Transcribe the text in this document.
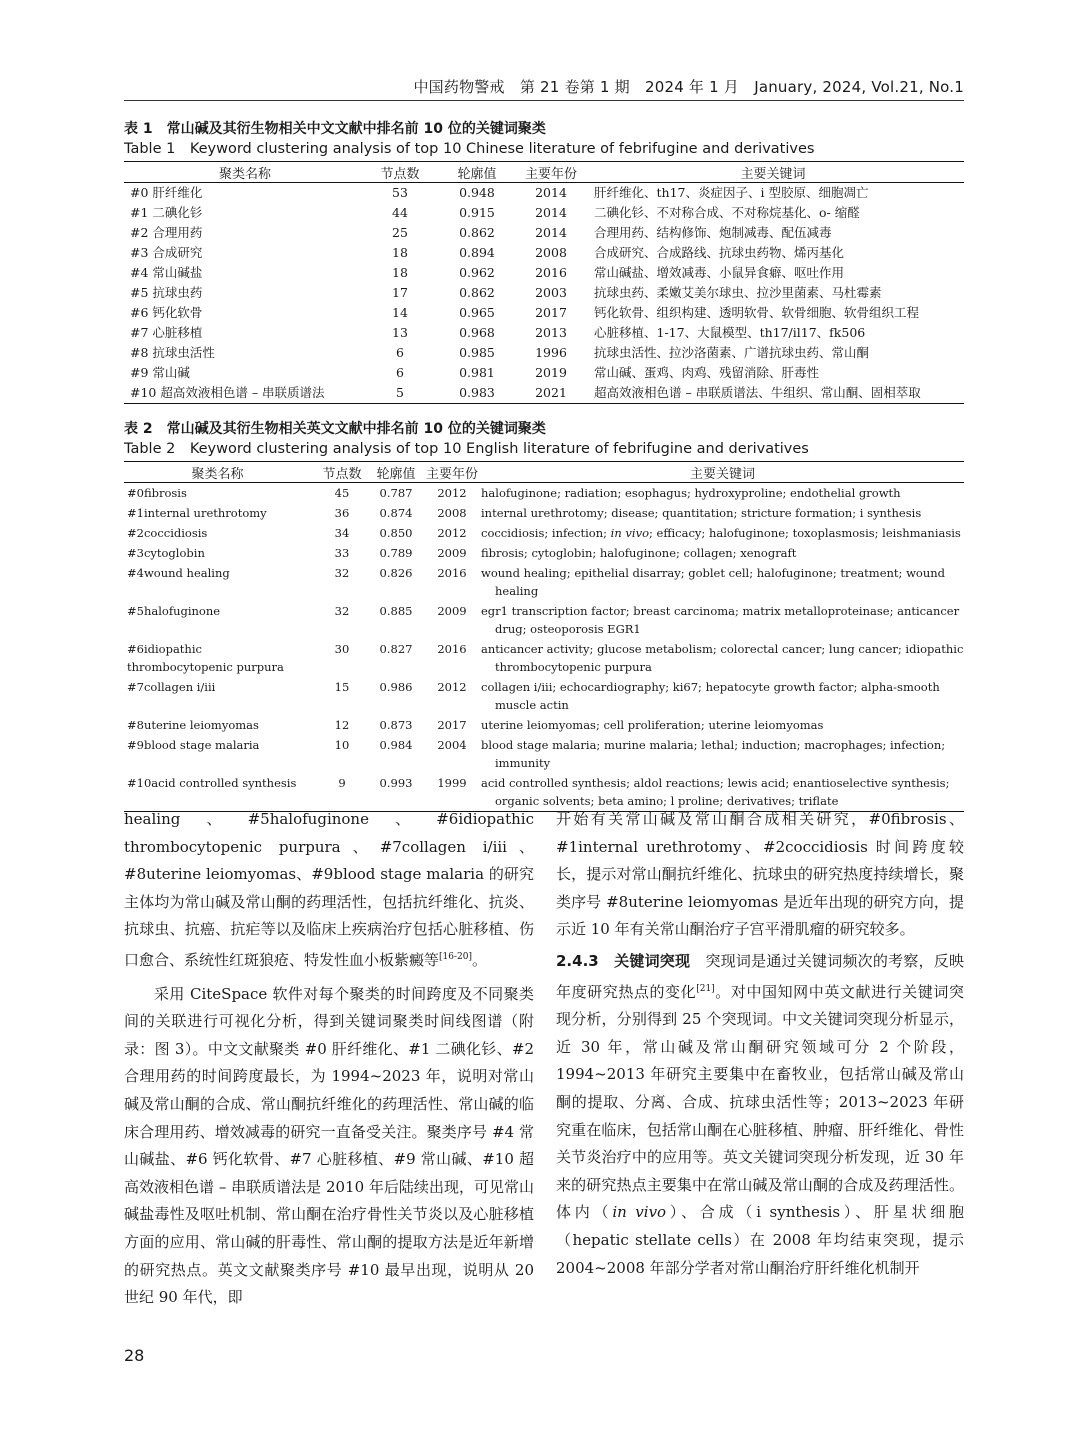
中国药物警戒　第 21 卷第 1 期　2024 年 1 月　January, 2024, Vol.21, No.1
表 1　常山碱及其衍生物相关中文文献中排名前 10 位的关键词聚类
Table 1　Keyword clustering analysis of top 10 Chinese literature of febrifugine and derivatives
聚类名称	节点数	轮廓值	主要年份	主要关键词
#0 肝纤维化	53	0.948	2014	肝纤维化、th17、炎症因子、i 型胶原、细胞凋亡
#1 二碘化钐	44	0.915	2014	二碘化钐、不对称合成、不对称烷基化、o- 缩醛
#2 合理用药	25	0.862	2014	合理用药、结构修饰、炮制减毒、配伍减毒
#3 合成研究	18	0.894	2008	合成研究、合成路线、抗球虫药物、烯丙基化
#4 常山碱盐	18	0.962	2016	常山碱盐、增效减毒、小鼠异食癖、呕吐作用
#5 抗球虫药	17	0.862	2003	抗球虫药、柔嫩艾美尔球虫、拉沙里菌素、马杜霉素
#6 钙化软骨	14	0.965	2017	钙化软骨、组织构建、透明软骨、软骨细胞、软骨组织工程
#7 心脏移植	13	0.968	2013	心脏移植、1-17、大鼠模型、th17/il17、fk506
#8 抗球虫活性	6	0.985	1996	抗球虫活性、拉沙洛菌素、广谱抗球虫药、常山酮
#9 常山碱	6	0.981	2019	常山碱、蛋鸡、肉鸡、残留消除、肝毒性
#10 超高效液相色谱 – 串联质谱法	5	0.983	2021	超高效液相色谱 – 串联质谱法、牛组织、常山酮、固相萃取
表 2　常山碱及其衍生物相关英文文献中排名前 10 位的关键词聚类
Table 2　Keyword clustering analysis of top 10 English literature of febrifugine and derivatives
聚类名称	节点数	轮廓值	主要年份	主要关键词
#0fibrosis	45	0.787	2012	halofuginone; radiation; esophagus; hydroxyproline; endothelial growth
#1internal urethrotomy	36	0.874	2008	internal urethrotomy; disease; quantitation; stricture formation; i synthesis
#2coccidiosis	34	0.850	2012	coccidiosis; infection; in vivo; efficacy; halofuginone; toxoplasmosis; leishmaniasis
#3cytoglobin	33	0.789	2009	fibrosis; cytoglobin; halofuginone; collagen; xenograft
#4wound healing	32	0.826	2016	wound healing; epithelial disarray; goblet cell; halofuginone; treatment; wound healing
#5halofuginone	32	0.885	2009	egr1 transcription factor; breast carcinoma; matrix metalloproteinase; anticancer drug; osteoporosis EGR1
#6idiopathic thrombocytopenic purpura	30	0.827	2016	anticancer activity; glucose metabolism; colorectal cancer; lung cancer; idiopathic thrombocytopenic purpura
#7collagen i/iii	15	0.986	2012	collagen i/iii; echocardiography; ki67; hepatocyte growth factor; alpha-smooth muscle actin
#8uterine leiomyomas	12	0.873	2017	uterine leiomyomas; cell proliferation; uterine leiomyomas
#9blood stage malaria	10	0.984	2004	blood stage malaria; murine malaria; lethal; induction; macrophages; infection; immunity
#10acid controlled synthesis	9	0.993	1999	acid controlled synthesis; aldol reactions; lewis acid; enantioselective synthesis; organic solvents; beta amino; l proline; derivatives; triflate

healing、#5halofuginone、#6idiopathic thrombocytopenic purpura、#7collagen i/iii、#8uterine leiomyomas、#9blood stage malaria 的研究主体均为常山碱及常山酮的药理活性，包括抗纤维化、抗炎、抗球虫、抗癌、抗疟等以及临床上疾病治疗包括心脏移植、伤口愈合、系统性红斑狼疮、特发性血小板紫癜等[16-20]。

采用 CiteSpace 软件对每个聚类的时间跨度及不同聚类间的关联进行可视化分析，得到关键词聚类时间线图谱（附录：图 3）。中文文献聚类 #0 肝纤维化、#1 二碘化钐、#2 合理用药的时间跨度最长，为 1994~2023 年，说明对常山碱及常山酮的合成、常山酮抗纤维化的药理活性、常山碱的临床合理用药、增效减毒的研究一直备受关注。聚类序号 #4 常山碱盐、#6 钙化软骨、#7 心脏移植、#9 常山碱、#10 超高效液相色谱 – 串联质谱法是 2010 年后陆续出现，可见常山碱盐毒性及呕吐机制、常山酮在治疗骨性关节炎以及心脏移植方面的应用、常山碱的肝毒性、常山酮的提取方法是近年新增的研究热点。英文文献聚类序号 #10 最早出现，说明从 20 世纪 90 年代，即

开始有关常山碱及常山酮合成相关研究，#0fibrosis、#1internal urethrotomy、#2coccidiosis 时间跨度较长，提示对常山酮抗纤维化、抗球虫的研究热度持续增长，聚类序号 #8uterine leiomyomas 是近年出现的研究方向，提示近 10 年有关常山酮治疗子宫平滑肌瘤的研究较多。

2.4.3　关键词突现　突现词是通过关键词频次的考察，反映年度研究热点的变化[21]。对中国知网中英文献进行关键词突现分析，分别得到 25 个突现词。中文关键词突现分析显示，近 30 年，常山碱及常山酮研究领域可分 2 个阶段，1994~2013 年研究主要集中在畜牧业，包括常山碱及常山酮的提取、分离、合成、抗球虫活性等；2013~2023 年研究重在临床，包括常山酮在心脏移植、肿瘤、肝纤维化、骨性关节炎治疗中的应用等。英文关键词突现分析发现，近 30 年来的研究热点主要集中在常山碱及常山酮的合成及药理活性。体内（in vivo）、合成（i synthesis）、肝星状细胞（hepatic stellate cells）在 2008 年均结束突现，提示 2004~2008 年部分学者对常山酮治疗肝纤维化机制开

28
